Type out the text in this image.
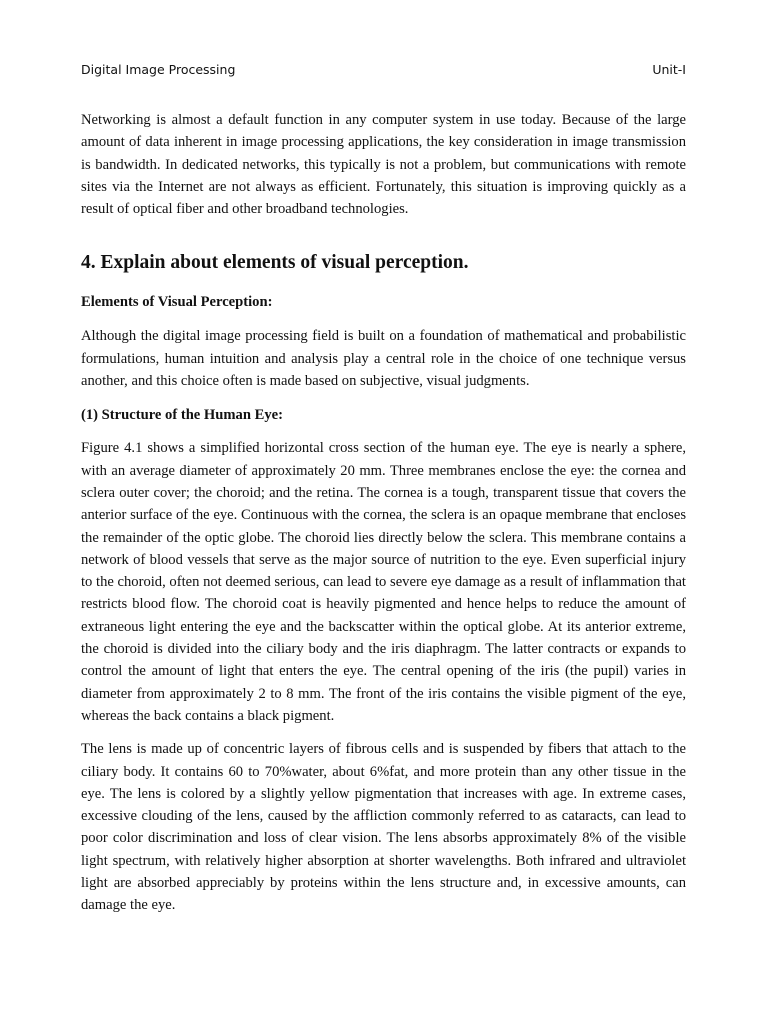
Digital Image Processing	Unit-I

Networking is almost a default function in any computer system in use today. Because of the large amount of data inherent in image processing applications, the key consideration in image transmission is bandwidth. In dedicated networks, this typically is not a problem, but communications with remote sites via the Internet are not always as efficient. Fortunately, this situation is improving quickly as a result of optical fiber and other broadband technologies.

4. Explain about elements of visual perception.

Elements of Visual Perception:

Although the digital image processing field is built on a foundation of mathematical and probabilistic formulations, human intuition and analysis play a central role in the choice of one technique versus another, and this choice often is made based on subjective, visual judgments.

(1) Structure of the Human Eye:

Figure 4.1 shows a simplified horizontal cross section of the human eye. The eye is nearly a sphere, with an average diameter of approximately 20 mm. Three membranes enclose the eye: the cornea and sclera outer cover; the choroid; and the retina. The cornea is a tough, transparent tissue that covers the anterior surface of the eye. Continuous with the cornea, the sclera is an opaque membrane that encloses the remainder of the optic globe. The choroid lies directly below the sclera. This membrane contains a network of blood vessels that serve as the major source of nutrition to the eye. Even superficial injury to the choroid, often not deemed serious, can lead to severe eye damage as a result of inflammation that restricts blood flow. The choroid coat is heavily pigmented and hence helps to reduce the amount of extraneous light entering the eye and the backscatter within the optical globe. At its anterior extreme, the choroid is divided into the ciliary body and the iris diaphragm. The latter contracts or expands to control the amount of light that enters the eye. The central opening of the iris (the pupil) varies in diameter from approximately 2 to 8 mm. The front of the iris contains the visible pigment of the eye, whereas the back contains a black pigment.

The lens is made up of concentric layers of fibrous cells and is suspended by fibers that attach to the ciliary body. It contains 60 to 70%water, about 6%fat, and more protein than any other tissue in the eye. The lens is colored by a slightly yellow pigmentation that increases with age. In extreme cases, excessive clouding of the lens, caused by the affliction commonly referred to as cataracts, can lead to poor color discrimination and loss of clear vision. The lens absorbs approximately 8% of the visible light spectrum, with relatively higher absorption at shorter wavelengths. Both infrared and ultraviolet light are absorbed appreciably by proteins within the lens structure and, in excessive amounts, can damage the eye.
